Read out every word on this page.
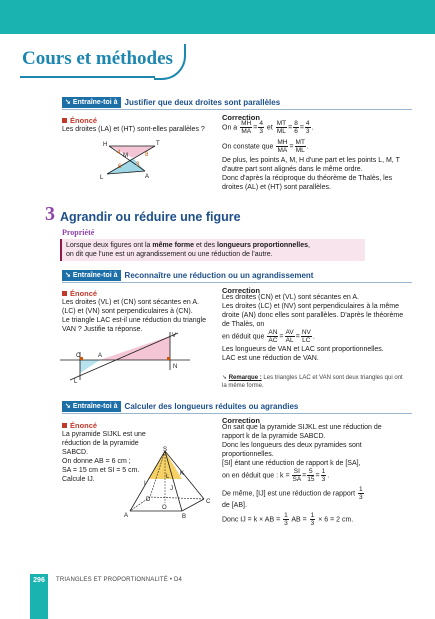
Cours et méthodes
➘ Entraîne-toi à Justifier que deux droites sont parallèles
Énoncé
Les droites (LA) et (HT) sont-elles parallèles ?
H	T
M
L	A
4	8
6 3
Correction
On a $\frac{MH}{MA} = \frac{4}{3}$ et $\frac{MT}{ML} = \frac{8}{6} = \frac{4}{3}$ .
On constate que $\frac{MH}{MA} = \frac{MT}{ML}$ .
De plus, les points A, M, H d'une part et les points L, M, T d'autre part sont alignés dans le même ordre.
Donc d'après la réciproque du théorème de Thalès, les droites (AL) et (HT) sont parallèles.
3 Agrandir ou réduire une figure
Propriété
Lorsque deux figures ont la même forme et des longueurs proportionnelles,
on dit que l'une est un agrandissement ou une réduction de l'autre.
➘ Entraîne-toi à Reconnaître une réduction ou un agrandissement
Énoncé
Les droites (VL) et (CN) sont sécantes en A.
(LC) et (VN) sont perpendiculaires à (CN).
Le triangle LAC est-il une réduction du triangle VAN ? Justifie ta réponse.
V
C	A
N
L
Correction
Les droites (CN) et (VL) sont sécantes en A.
Les droites (LC) et (NV) sont perpendiculaires à la même droite (AN) donc elles sont parallèles. D'après le théorème de Thalès, on
en déduit que $\frac{AN}{AC} = \frac{AV}{AL} = \frac{NV}{LC}$ .
Les longueurs de VAN et LAC sont proportionnelles.
LAC est une réduction de VAN.
➘ Remarque : Les triangles LAC et VAN sont deux triangles qui ont la même forme.
➘ Entraîne-toi à Calculer des longueurs réduites ou agrandies
Énoncé
La pyramide SIJKL est une réduction de la pyramide SABCD.
On donne AB = 6 cm ;
SA = 15 cm et SI = 5 cm.
Calcule IJ.
S
K
L
I
J
D	C
O
A	B
Correction
On sait que la pyramide SIJKL est une réduction de rapport k de la pyramide SABCD.
Donc les longueurs des deux pyramides sont proportionnelles.
[SI] étant une réduction de rapport k de [SA],
on en déduit que : $k = \frac{SI}{SA} = \frac{5}{15} = \frac{1}{3}$ .
De même, [IJ] est une réduction de rapport $\frac{1}{3}$

de [AB].
Donc IJ = k × AB = $\frac{1}{3}$ AB = $\frac{1}{3} \times 6 = 2$ cm.
296	TRIANGLES ET PROPORTIONNALITÉ • D4
